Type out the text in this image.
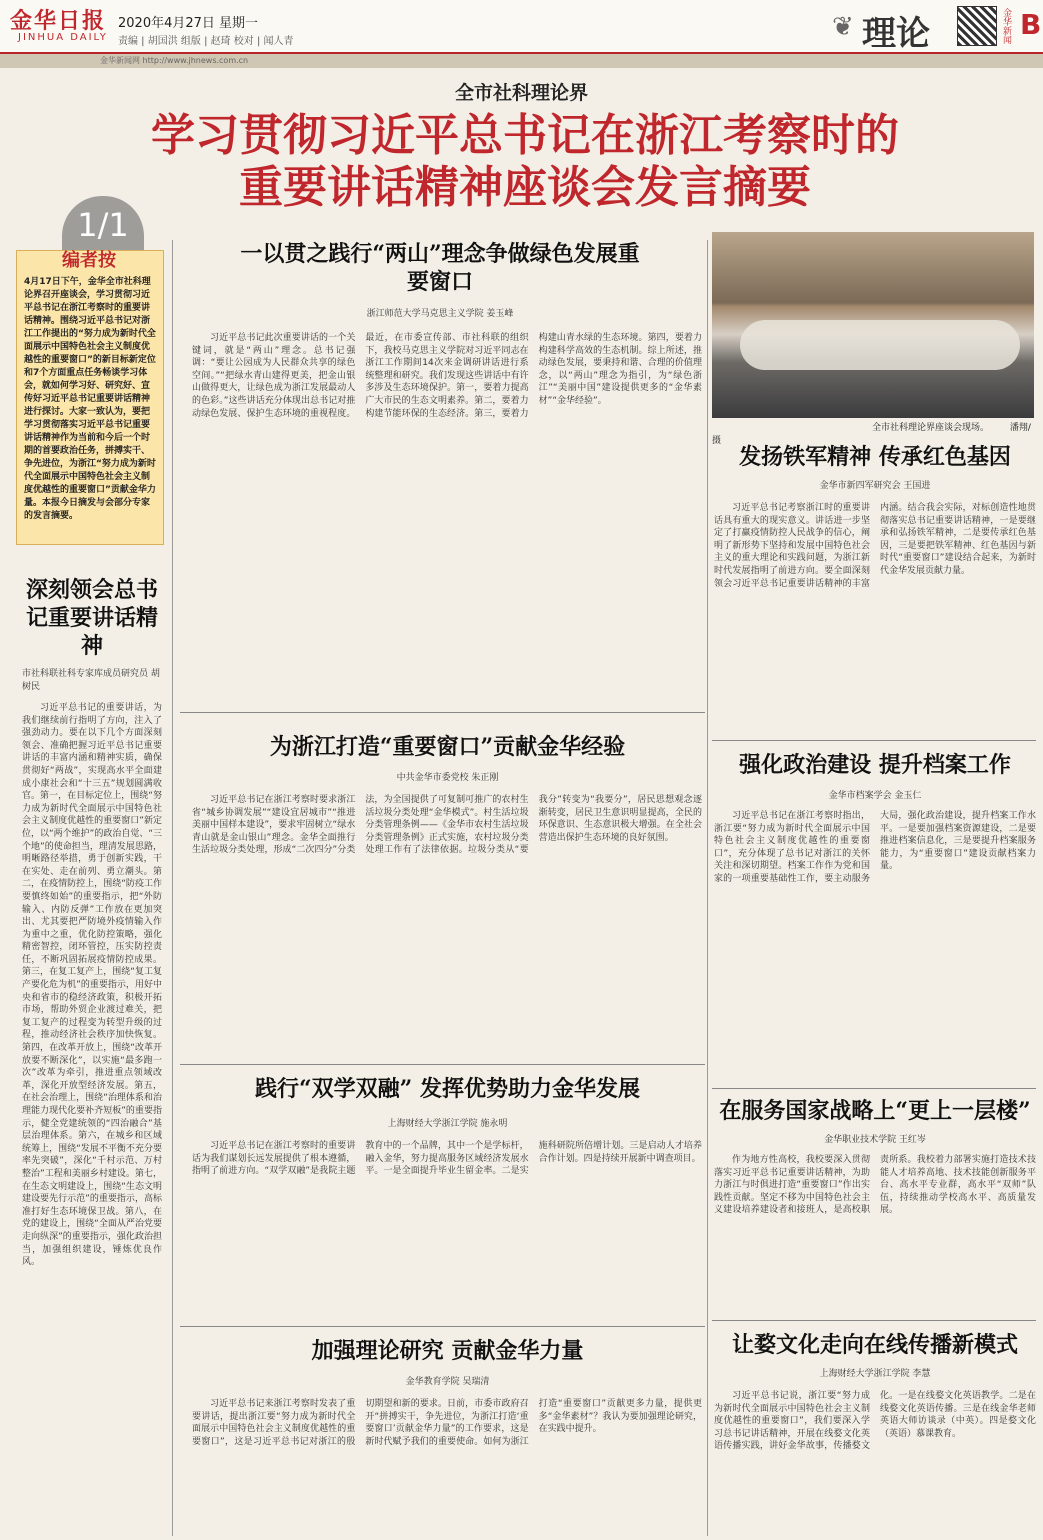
金华日报
JINHUA DAILY
2020年4月27日 星期一
责编 | 胡国洪 组版 | 赵琦 校对 | 闻人青	❦ 理论	金华新闻 B
金华新闻网 http://www.jhnews.com.cn
全市社科理论界
学习贯彻习近平总书记在浙江考察时的
重要讲话精神座谈会发言摘要
1/1
编者按
4月17日下午，金华全市社科理论界召开座谈会，学习贯彻习近平总书记在浙江考察时的重要讲话精神。围绕习近平总书记对浙江工作提出的“努力成为新时代全面展示中国特色社会主义制度优越性的重要窗口”的新目标新定位和7个方面重点任务畅谈学习体会，就如何学习好、研究好、宣传好习近平总书记重要讲话精神进行探讨。大家一致认为，要把学习贯彻落实习近平总书记重要讲话精神作为当前和今后一个时期的首要政治任务，拼搏实干、争先进位，为浙江“努力成为新时代全面展示中国特色社会主义制度优越性的重要窗口”贡献金华力量。本报今日摘发与会部分专家的发言摘要。
深刻领会总书记重要讲话精神
市社科联社科专家库成员研究员 胡树民

习近平总书记的重要讲话，为我们继续前行指明了方向，注入了强劲动力。要在以下几个方面深刻领会、准确把握习近平总书记重要讲话的丰富内涵和精神实质，确保贯彻好“两战”，实现高水平全面建成小康社会和“十三五”规划圆满收官。第一，在目标定位上，围绕“努力成为新时代全面展示中国特色社会主义制度优越性的重要窗口”新定位，以“两个维护”的政治自觉、“三个地”的使命担当，理清发展思路，明晰路径举措，勇于创新实践，干在实处、走在前列、勇立潮头。第二，在疫情防控上，围绕“防疫工作要慎终如始”的重要指示，把“外防输入、内防反弹”工作放在更加突出、尤其要把严防境外疫情输入作为重中之重，优化防控策略，强化精密智控，闭环管控，压实防控责任，不断巩固拓展疫情防控成果。第三，在复工复产上，围绕“复工复产要化危为机”的重要指示，用好中央和省市的稳经济政策，积极开拓市场，帮助外贸企业渡过难关，把复工复产的过程变为转型升级的过程，推动经济社会秩序加快恢复。第四，在改革开放上，围绕“改革开放要不断深化”，以实施“最多跑一次”改革为牵引，推进重点领域改革，深化开放型经济发展。第五，在社会治理上，围绕“治理体系和治理能力现代化要补齐短板”的重要指示，健全党建统领的“四治融合”基层治理体系。第六，在城乡和区域统筹上，围绕“发展不平衡不充分要率先突破”，深化“千村示范、万村整治”工程和美丽乡村建设。第七，在生态文明建设上，围绕“生态文明建设要先行示范”的重要指示，高标准打好生态环境保卫战。第八，在党的建设上，围绕“全面从严治党要走向纵深”的重要指示，强化政治担当，加强组织建设，锤炼优良作风。

一以贯之践行“两山”理念争做绿色发展重要窗口
浙江师范大学马克思主义学院 姜玉峰

习近平总书记此次重要讲话的一个关键词，就是“两山”理念。总书记强调：“要让公园成为人民群众共享的绿色空间。”“把绿水青山建得更美，把金山银山做得更大，让绿色成为浙江发展最动人的色彩。”这些讲话充分体现出总书记对推动绿色发展、保护生态环境的重视程度。最近，在市委宣传部、市社科联的组织下，我校马克思主义学院对习近平同志在浙江工作期间14次来金调研讲话进行系统整理和研究。我们发现这些讲话中有许多涉及生态环境保护。第一，要着力提高广大市民的生态文明素养。第二，要着力构建节能环保的生态经济。第三，要着力构建山青水绿的生态环境。第四，要着力构建科学高效的生态机制。综上所述，推动绿色发展，要秉持和谐、合理的价值理念，以“两山”理念为指引，为“绿色浙江”“美丽中国”建设提供更多的“金华素材”“金华经验”。

全市社科理论界座谈会现场。 潘翔/摄
发扬铁军精神 传承红色基因
金华市新四军研究会 王国进

习近平总书记考察浙江时的重要讲话具有重大的现实意义。讲话进一步坚定了打赢疫情防控人民战争的信心，阐明了新形势下坚持和发展中国特色社会主义的重大理论和实践问题，为浙江新时代发展指明了前进方向。要全面深刻领会习近平总书记重要讲话精神的丰富内涵。结合我会实际，对标创造性地贯彻落实总书记重要讲话精神，一是要继承和弘扬铁军精神，二是要传承红色基因，三是要把铁军精神、红色基因与新时代“重要窗口”建设结合起来，为新时代金华发展贡献力量。

为浙江打造“重要窗口”贡献金华经验
中共金华市委党校 朱正刚

习近平总书记在浙江考察时要求浙江省“城乡协调发展”“建设宜居城市”“推进美丽中国样本建设”，要求牢固树立“绿水青山就是金山银山”理念。金华全面推行生活垃圾分类处理，形成“二次四分”分类法，为全国提供了可复制可推广的农村生活垃圾分类处理“金华模式”。村生活垃圾分类管理条例——《金华市农村生活垃圾分类管理条例》正式实施，农村垃圾分类处理工作有了法律依据。垃圾分类从“要我分”转变为“我要分”，居民思想观念逐渐转变，居民卫生意识明显提高，全民的环保意识、生态意识极大增强。在全社会营造出保护生态环境的良好氛围。

强化政治建设 提升档案工作
金华市档案学会 金玉仁

习近平总书记在浙江考察时指出，浙江要“努力成为新时代全面展示中国特色社会主义制度优越性的重要窗口”，充分体现了总书记对浙江的关怀关注和深切期望。档案工作作为党和国家的一项重要基础性工作，要主动服务大局，强化政治建设，提升档案工作水平。一是要加强档案资源建设，二是要推进档案信息化，三是要提升档案服务能力，为“重要窗口”建设贡献档案力量。

践行“双学双融” 发挥优势助力金华发展
上海财经大学浙江学院 施永明

习近平总书记在浙江考察时的重要讲话为我们谋划长远发展提供了根本遵循，指明了前进方向。“双学双融”是我院主题教育中的一个品牌，其中一个是学标杆，融入金华，努力提高服务区域经济发展水平。一是全面提升毕业生留金率。二是实施科研院所倍增计划。三是启动人才培养合作计划。四是持续开展新中调查项目。

在服务国家战略上“更上一层楼”
金华职业技术学院 王红岑

作为地方性高校，我校要深入贯彻落实习近平总书记重要讲话精神，为助力浙江与时俱进打造“重要窗口”作出实践性贡献。坚定不移为中国特色社会主义建设培养建设者和接班人，是高校职责所系。我校着力部署实施打造技术技能人才培养高地、技术技能创新服务平台、高水平专业群，高水平“双师”队伍，持续推动学校高水平、高质量发展。

加强理论研究 贡献金华力量
金华教育学院 吴瑞清

习近平总书记来浙江考察时发表了重要讲话，提出浙江要“努力成为新时代全面展示中国特色社会主义制度优越性的重要窗口”，这是习近平总书记对浙江的殷切期望和新的要求。日前，市委市政府召开“拼搏实干，争先进位，为浙江打造‘重要窗口’贡献金华力量”的工作要求，这是新时代赋予我们的重要使命。如何为浙江打造“重要窗口”贡献更多力量，提供更多“金华素材”？我认为要加强理论研究，在实践中提升。

让婺文化走向在线传播新模式
上海财经大学浙江学院 李慧

习近平总书记说，浙江要“努力成为新时代全面展示中国特色社会主义制度优越性的重要窗口”，我们要深入学习总书记讲话精神，开展在线婺文化英语传播实践，讲好金华故事，传播婺文化。一是在线婺文化英语教学。二是在线婺文化英语传播。三是在线金华老师英语大师访谈录（中英）。四是婺文化（英语）慕课教育。
